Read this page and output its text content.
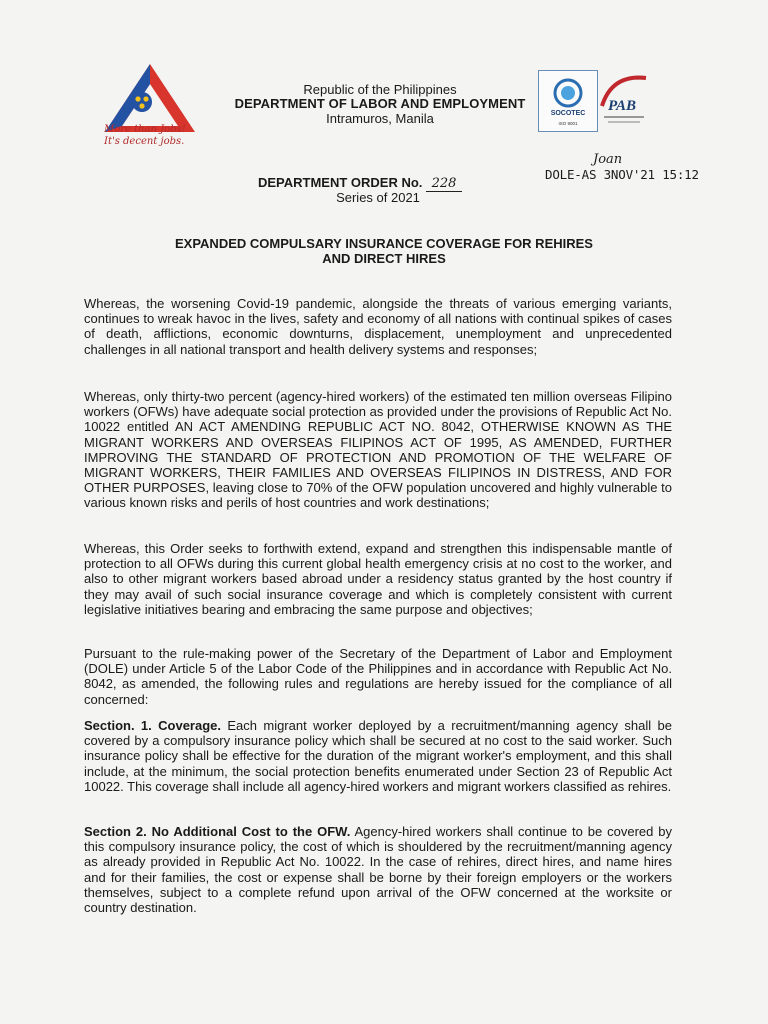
More than Jobs!
It's decent jobs.
Republic of the Philippines
DEPARTMENT OF LABOR AND EMPLOYMENT
Intramuros, Manila	SOCOTEC
ISO 9001
PAB
Joan
DOLE-AS 3NOV'21 15:12
DEPARTMENT ORDER No. 228
Series of 2021
EXPANDED COMPULSARY INSURANCE COVERAGE FOR REHIRES
AND DIRECT HIRES
Whereas, the worsening Covid-19 pandemic, alongside the threats of various emerging variants, continues to wreak havoc in the lives, safety and economy of all nations with continual spikes of cases of death, afflictions, economic downturns, displacement, unemployment and unprecedented challenges in all national transport and health delivery systems and responses;
Whereas, only thirty-two percent (agency-hired workers) of the estimated ten million overseas Filipino workers (OFWs) have adequate social protection as provided under the provisions of Republic Act No. 10022 entitled AN ACT AMENDING REPUBLIC ACT NO. 8042, OTHERWISE KNOWN AS THE MIGRANT WORKERS AND OVERSEAS FILIPINOS ACT OF 1995, AS AMENDED, FURTHER IMPROVING THE STANDARD OF PROTECTION AND PROMOTION OF THE WELFARE OF MIGRANT WORKERS, THEIR FAMILIES AND OVERSEAS FILIPINOS IN DISTRESS, AND FOR OTHER PURPOSES, leaving close to 70% of the OFW population uncovered and highly vulnerable to various known risks and perils of host countries and work destinations;
Whereas, this Order seeks to forthwith extend, expand and strengthen this indispensable mantle of protection to all OFWs during this current global health emergency crisis at no cost to the worker, and also to other migrant workers based abroad under a residency status granted by the host country if they may avail of such social insurance coverage and which is completely consistent with current legislative initiatives bearing and embracing the same purpose and objectives;
Pursuant to the rule-making power of the Secretary of the Department of Labor and Employment (DOLE) under Article 5 of the Labor Code of the Philippines and in accordance with Republic Act No. 8042, as amended, the following rules and regulations are hereby issued for the compliance of all concerned:
Section. 1. Coverage. Each migrant worker deployed by a recruitment/manning agency shall be covered by a compulsory insurance policy which shall be secured at no cost to the said worker. Such insurance policy shall be effective for the duration of the migrant worker's employment, and this shall include, at the minimum, the social protection benefits enumerated under Section 23 of Republic Act 10022. This coverage shall include all agency-hired workers and migrant workers classified as rehires.
Section 2. No Additional Cost to the OFW. Agency-hired workers shall continue to be covered by this compulsory insurance policy, the cost of which is shouldered by the recruitment/manning agency as already provided in Republic Act No. 10022. In the case of rehires, direct hires, and name hires and for their families, the cost or expense shall be borne by their foreign employers or the workers themselves, subject to a complete refund upon arrival of the OFW concerned at the worksite or country destination.
